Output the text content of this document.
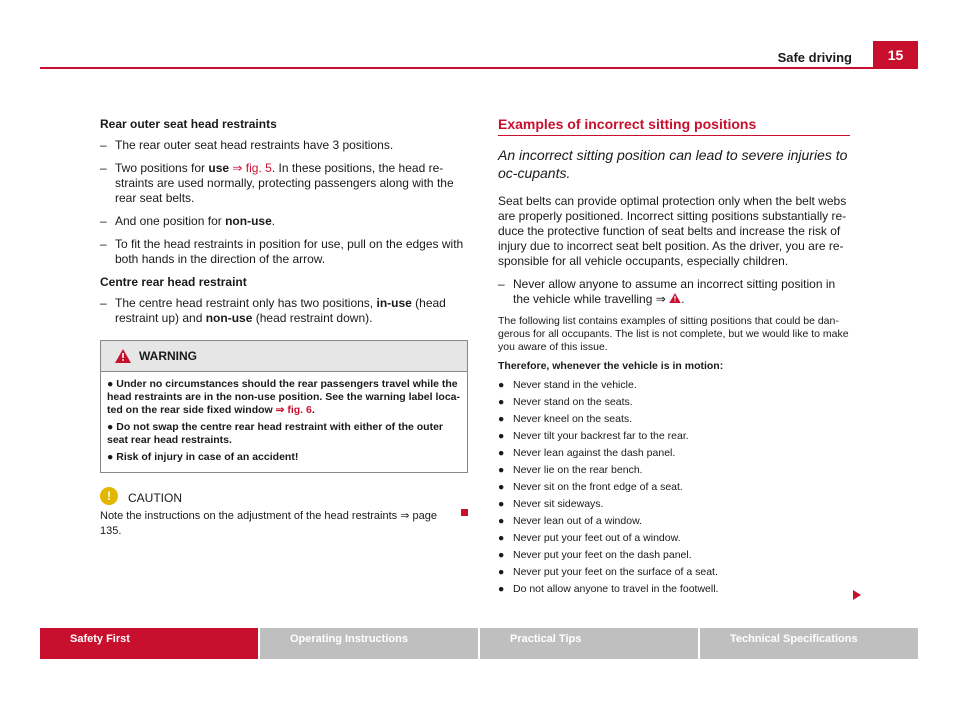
Safe driving	15
Rear outer seat head restraints
– The rear outer seat head restraints have 3 positions.
– Two positions for use ⇒ fig. 5. In these positions, the head re-straints are used normally, protecting passengers along with the rear seat belts.
– And one position for non-use.
– To fit the head restraints in position for use, pull on the edges with both hands in the direction of the arrow.
Centre rear head restraint
– The centre head restraint only has two positions, in-use (head restraint up) and non-use (head restraint down).
WARNING

● Under no circumstances should the rear passengers travel while the head restraints are in the non-use position. See the warning label loca-ted on the rear side fixed window ⇒ fig. 6.

● Do not swap the centre rear head restraint with either of the outer seat rear head restraints.

● Risk of injury in case of an accident!

!	CAUTION
Note the instructions on the adjustment of the head restraints ⇒ page 135.
Examples of incorrect sitting positions
An incorrect sitting position can lead to severe injuries to oc-cupants.

Seat belts can provide optimal protection only when the belt webs are properly positioned. Incorrect sitting positions substantially re-duce the protective function of seat belts and increase the risk of injury due to incorrect seat belt position. As the driver, you are re-sponsible for all vehicle occupants, especially children.

– Never allow anyone to assume an incorrect sitting position in the vehicle while travelling ⇒ .

The following list contains examples of sitting positions that could be dan-gerous for all occupants. The list is not complete, but we would like to make you aware of this issue.

Therefore, whenever the vehicle is in motion:

● Never stand in the vehicle.
● Never stand on the seats.
● Never kneel on the seats.
● Never tilt your backrest far to the rear.
● Never lean against the dash panel.
● Never lie on the rear bench.
● Never sit on the front edge of a seat.
● Never sit sideways.
● Never lean out of a window.
● Never put your feet out of a window.
● Never put your feet on the dash panel.
● Never put your feet on the surface of a seat.
● Do not allow anyone to travel in the footwell.
Safety First	Operating Instructions	Practical Tips	Technical Specifications
